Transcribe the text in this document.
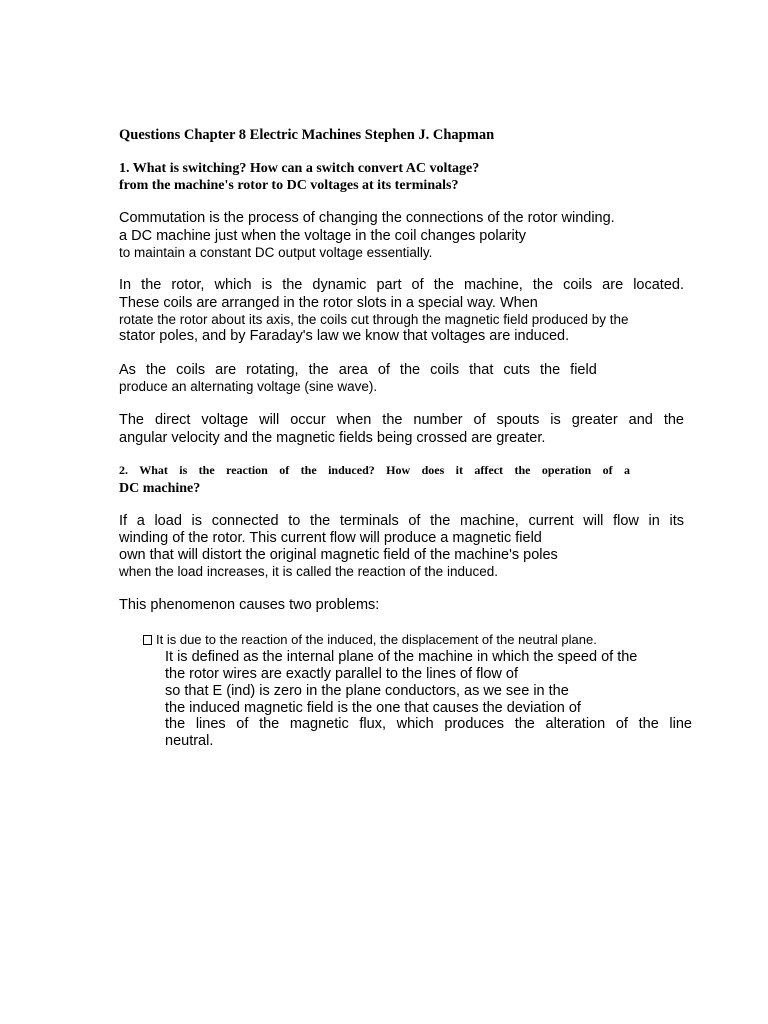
Questions Chapter 8 Electric Machines Stephen J. Chapman
1. What is switching? How can a switch convert AC voltage?
from the machine's rotor to DC voltages at its terminals?
Commutation is the process of changing the connections of the rotor winding.
a DC machine just when the voltage in the coil changes polarity
to maintain a constant DC output voltage essentially.
In the rotor, which is the dynamic part of the machine, the coils are located.
These coils are arranged in the rotor slots in a special way. When
rotate the rotor about its axis, the coils cut through the magnetic field produced by the
stator poles, and by Faraday's law we know that voltages are induced.
As the coils are rotating, the area of the coils that cuts the field
produce an alternating voltage (sine wave).
The direct voltage will occur when the number of spouts is greater and the
angular velocity and the magnetic fields being crossed are greater.
2. What is the reaction of the induced? How does it affect the operation of a
DC machine?
If a load is connected to the terminals of the machine, current will flow in its
winding of the rotor. This current flow will produce a magnetic field
own that will distort the original magnetic field of the machine's poles
when the load increases, it is called the reaction of the induced.
This phenomenon causes two problems:
It is due to the reaction of the induced, the displacement of the neutral plane.
It is defined as the internal plane of the machine in which the speed of the
the rotor wires are exactly parallel to the lines of flow of
so that E (ind) is zero in the plane conductors, as we see in the
the induced magnetic field is the one that causes the deviation of
the lines of the magnetic flux, which produces the alteration of the line
neutral.
